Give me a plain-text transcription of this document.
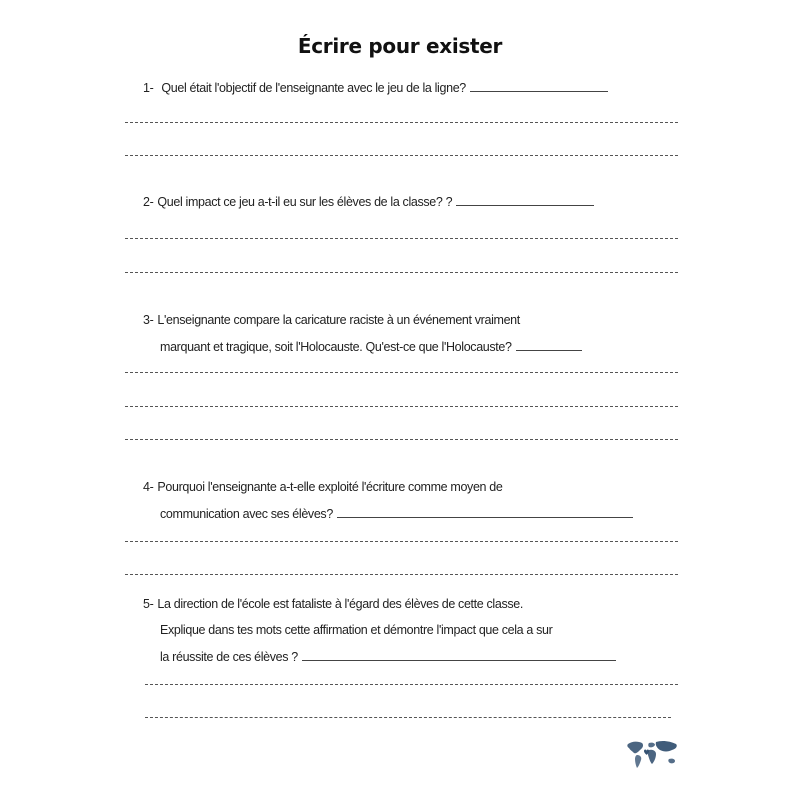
Écrire pour exister
1- Quel était l'objectif de l'enseignante avec le jeu de la ligne?
2- Quel impact ce jeu a-t-il eu sur les élèves de la classe? ?
3- L'enseignante compare la caricature raciste à un événement vraiment
marquant et tragique, soit l'Holocauste. Qu'est-ce que l'Holocauste?
4- Pourquoi l'enseignante a-t-elle exploité l'écriture comme moyen de
communication avec ses élèves?
5- La direction de l'école est fataliste à l'égard des élèves de cette classe.
Explique dans tes mots cette affirmation et démontre l'impact que cela a sur
la réussite de ces élèves ?
